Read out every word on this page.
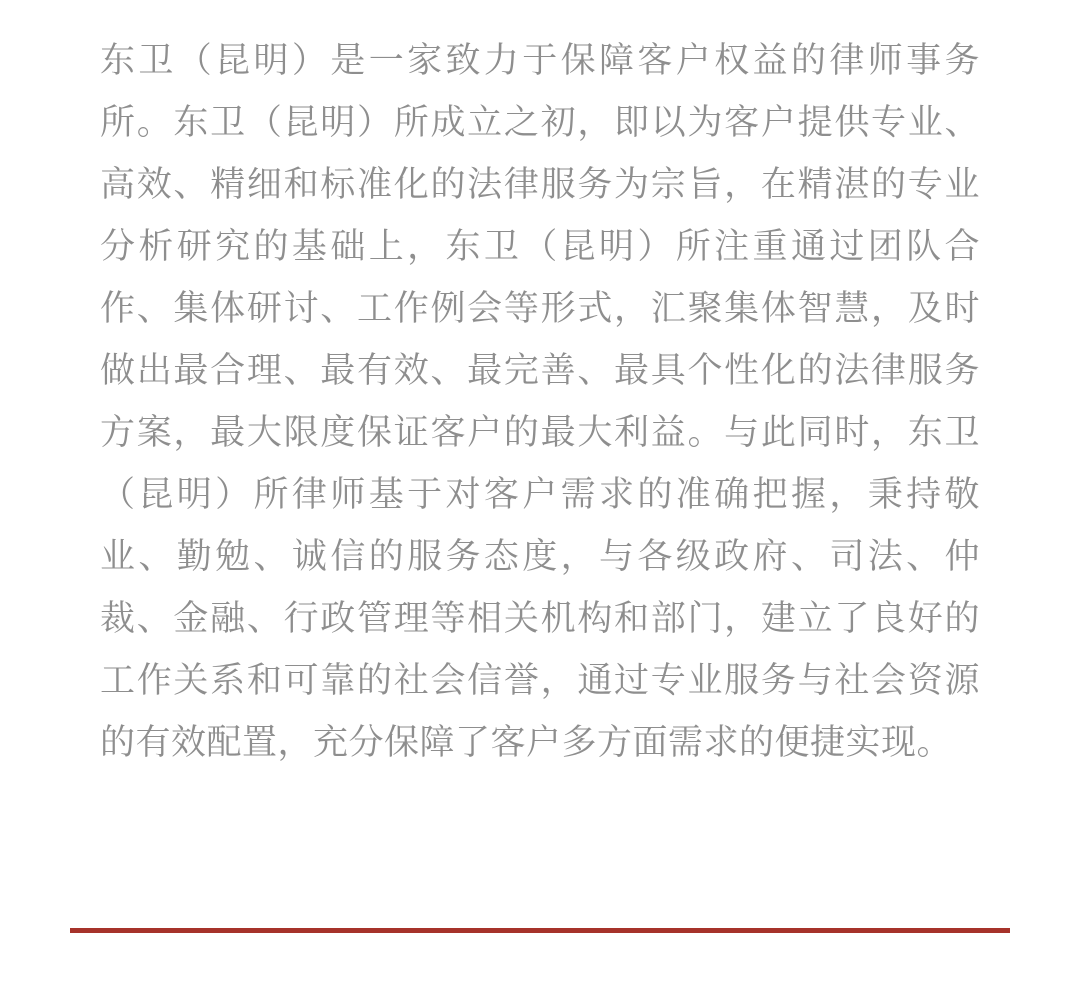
东卫（昆明）是一家致力于保障客户权益的律师事务所。东卫（昆明）所成立之初，即以为客户提供专业、高效、精细和标准化的法律服务为宗旨，在精湛的专业分析研究的基础上，东卫（昆明）所注重通过团队合作、集体研讨、工作例会等形式，汇聚集体智慧，及时做出最合理、最有效、最完善、最具个性化的法律服务方案，最大限度保证客户的最大利益。与此同时，东卫（昆明）所律师基于对客户需求的准确把握，秉持敬业、勤勉、诚信的服务态度，与各级政府、司法、仲裁、金融、行政管理等相关机构和部门，建立了良好的工作关系和可靠的社会信誉，通过专业服务与社会资源的有效配置，充分保障了客户多方面需求的便捷实现。
